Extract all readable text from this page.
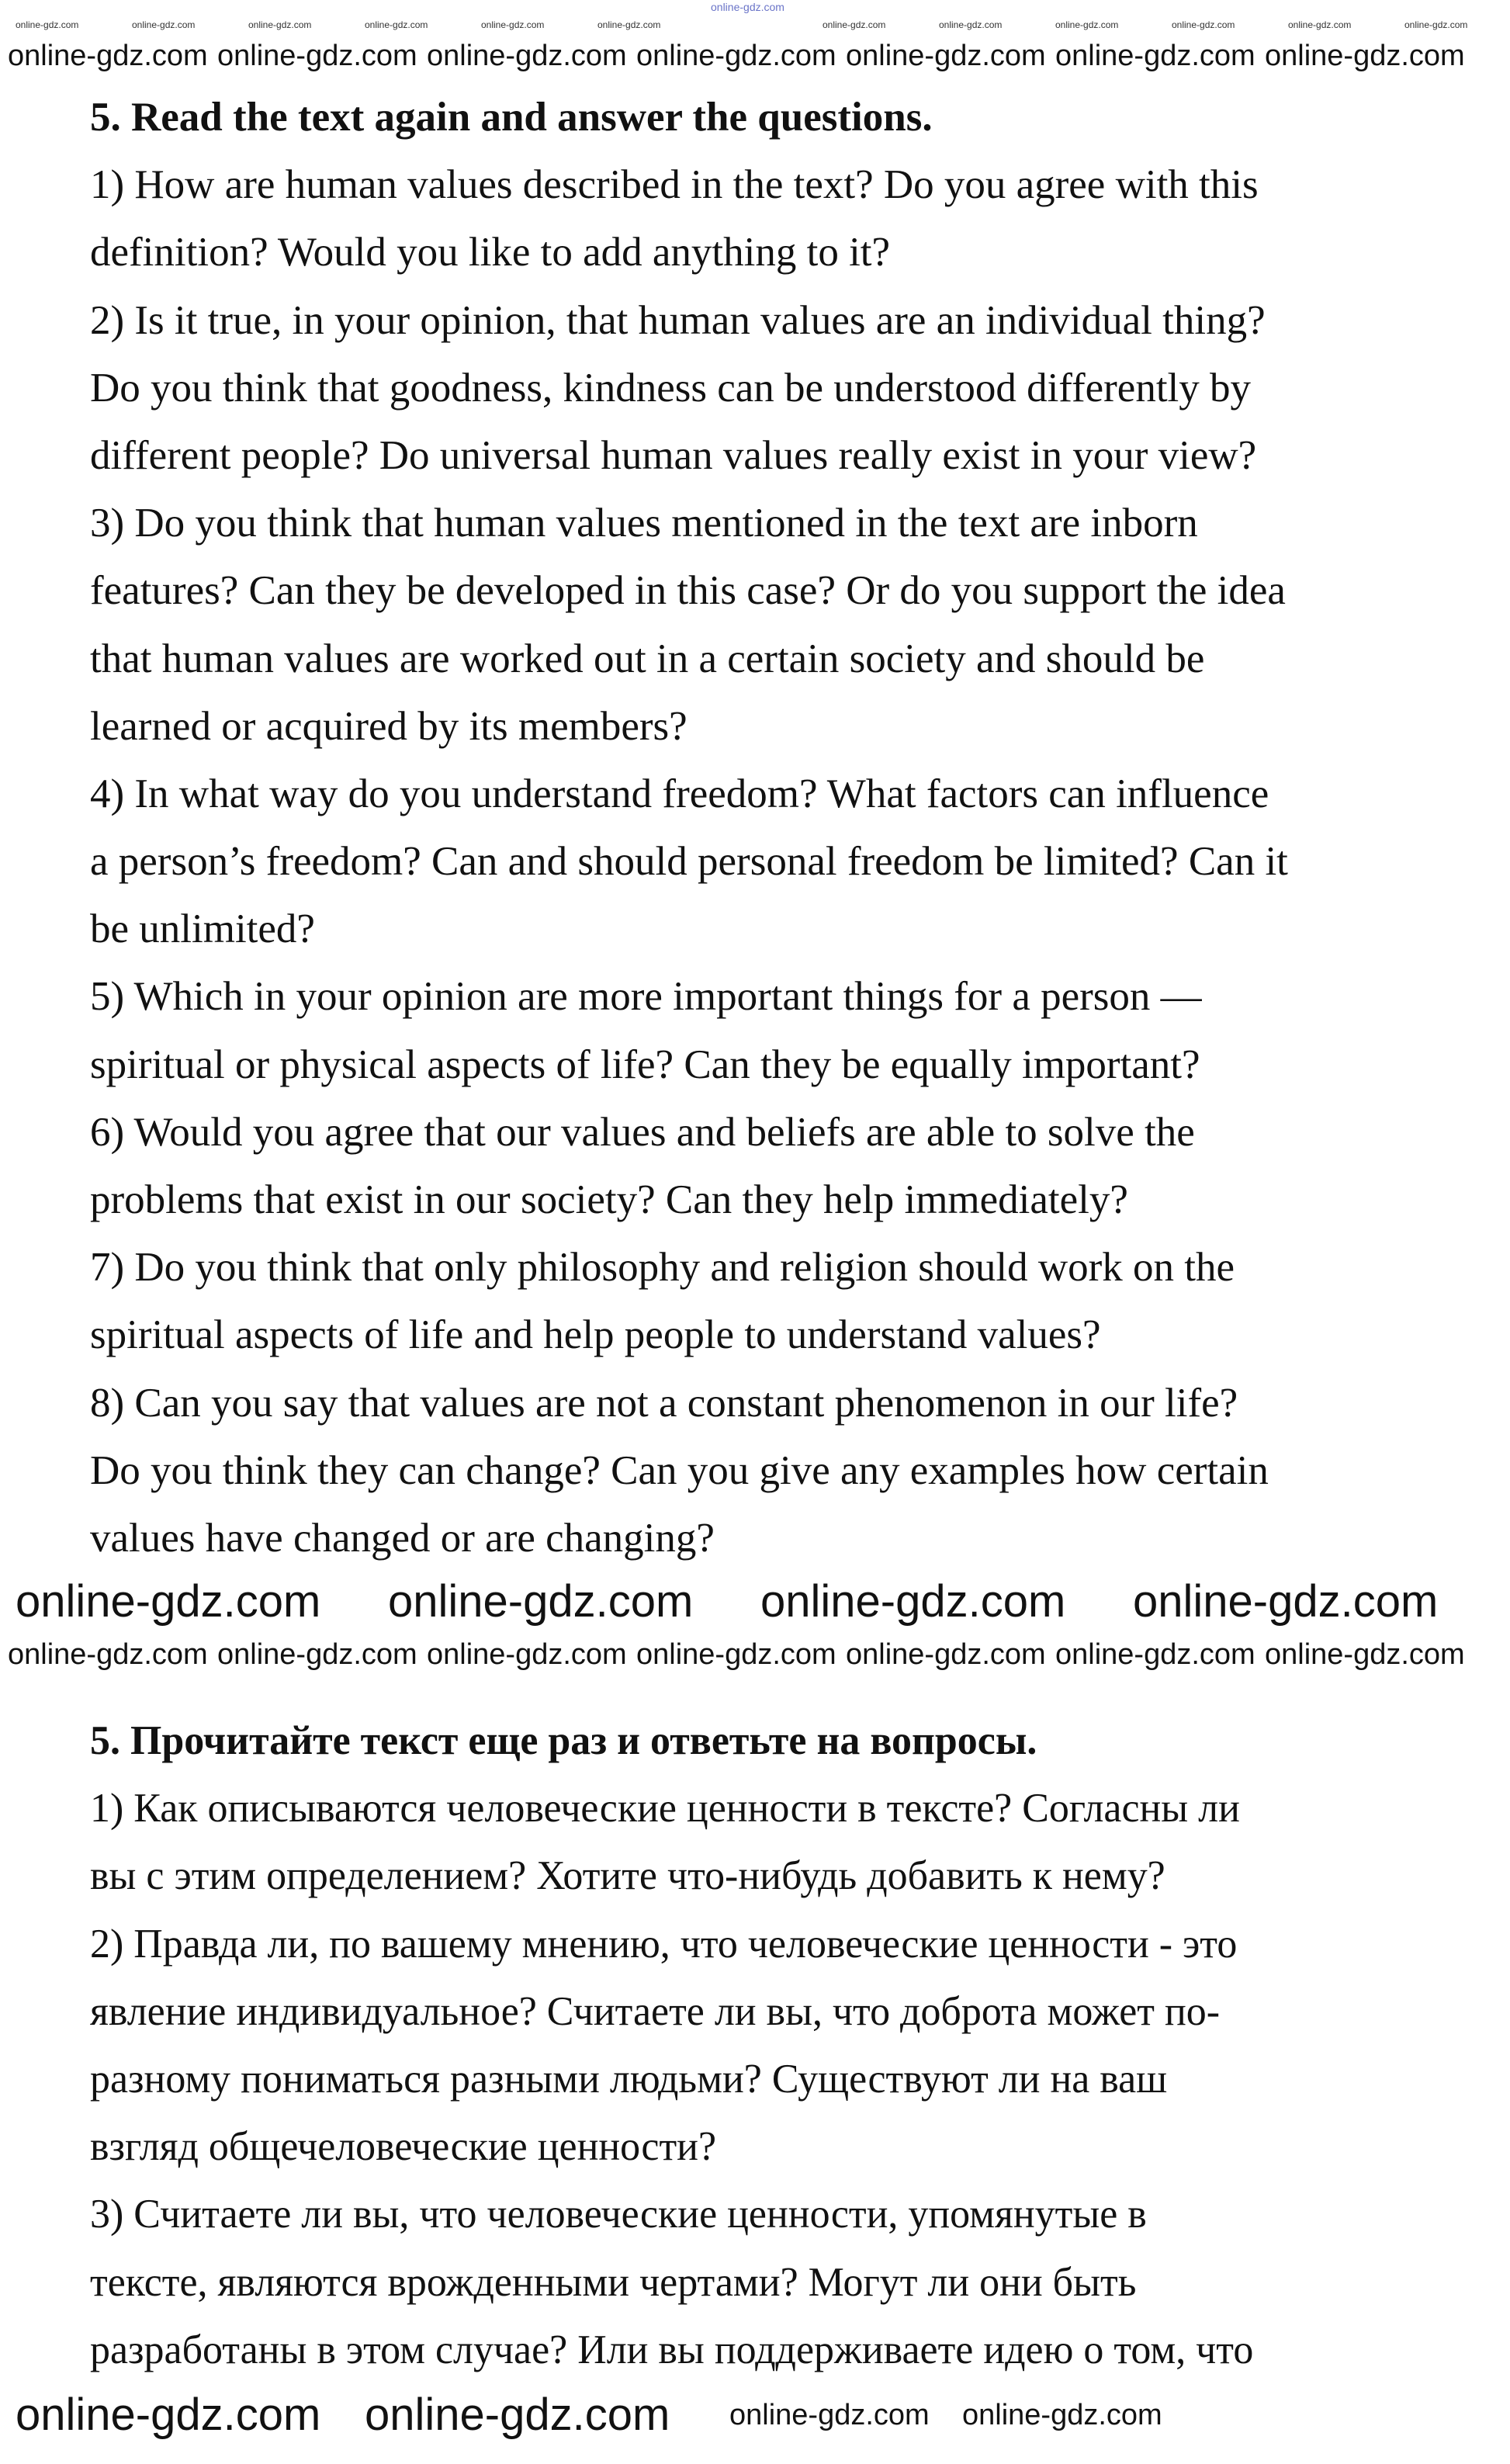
5. Read the text again and answer the questions.
1) How are human values described in the text? Do you agree with this
definition? Would you like to add anything to it?
2) Is it true, in your opinion, that human values are an individual thing?
Do you think that goodness, kindness can be understood differently by
different people? Do universal human values really exist in your view?
3) Do you think that human values mentioned in the text are inborn
features? Can they be developed in this case? Or do you support the idea
that human values are worked out in a certain society and should be
learned or acquired by its members?
4) In what way do you understand freedom? What factors can influence
a person’s freedom? Can and should personal freedom be limited? Can it
be unlimited?
5) Which in your opinion are more important things for a person —
spiritual or physical aspects of life? Can they be equally important?
6) Would you agree that our values and beliefs are able to solve the
problems that exist in our society? Can they help immediately?
7) Do you think that only philosophy and religion should work on the
spiritual aspects of life and help people to understand values?
8) Can you say that values are not a constant phenomenon in our life?
Do you think they can change? Can you give any examples how certain
values have changed or are changing?
5. Прочитайте текст еще раз и ответьте на вопросы.
1) Как описываются человеческие ценности в тексте? Согласны ли
вы с этим определением? Хотите что-нибудь добавить к нему?
2) Правда ли, по вашему мнению, что человеческие ценности - это
явление индивидуальное? Считаете ли вы, что доброта может по-
разному пониматься разными людьми? Существуют ли на ваш
взгляд общечеловеческие ценности?
3) Считаете ли вы, что человеческие ценности, упомянутые в
тексте, являются врожденными чертами? Могут ли они быть
разработаны в этом случае? Или вы поддерживаете идею о том, что
online-gdz.com
online-gdz.com	online-gdz.com	online-gdz.com	online-gdz.com
online-gdz.com
online-gdz.com online-gdz.com
online-gdz.com
online-gdz.com
online-gdz.com	online-gdz.com	online-gdz.com
online-gdz.com online-gdz.com online-gdz.com
online-gdz.com online-gdz.com
online-gdz.com	online-gdz.com
online-gdz.com online-gdz.com
online-gdz.com
online-gdz.com
online-gdz.com
online-gdz.com
online-gdz.com
online-gdz.com online-gdz.com online-gdz.com
online-gdz.com
online-gdz.com
online-gdz.com online-gdz.com online-gdz.com
